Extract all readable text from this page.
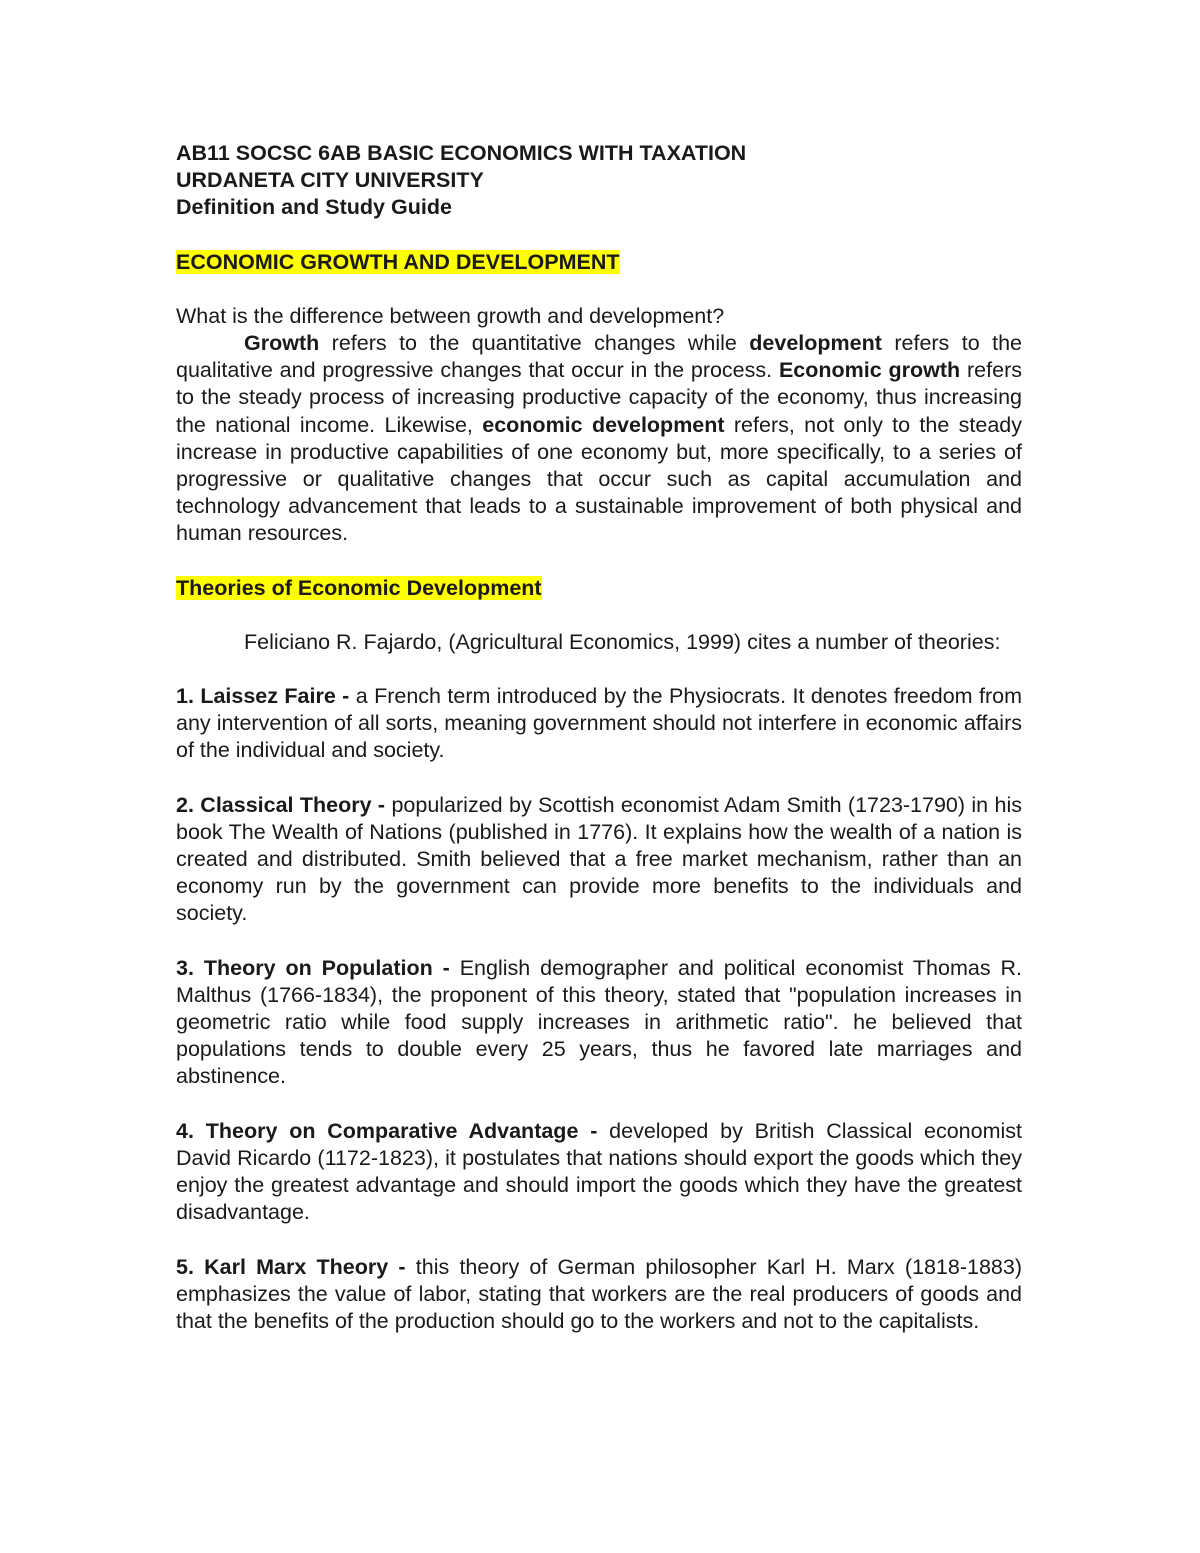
AB11 SOCSC 6AB BASIC ECONOMICS WITH TAXATION

URDANETA CITY UNIVERSITY

Definition and Study Guide

ECONOMIC GROWTH AND DEVELOPMENT

What is the difference between growth and development?

Growth refers to the quantitative changes while development refers to the qualitative and progressive changes that occur in the process. Economic growth refers to the steady process of increasing productive capacity of the economy, thus increasing the national income. Likewise, economic development refers, not only to the steady increase in productive capabilities of one economy but, more specifically, to a series of progressive or qualitative changes that occur such as capital accumulation and technology advancement that leads to a sustainable improvement of both physical and human resources.

Theories of Economic Development

Feliciano R. Fajardo, (Agricultural Economics, 1999) cites a number of theories:

1. Laissez Faire - a French term introduced by the Physiocrats. It denotes freedom from any intervention of all sorts, meaning government should not interfere in economic affairs of the individual and society.

2. Classical Theory - popularized by Scottish economist Adam Smith (1723-1790) in his book The Wealth of Nations (published in 1776). It explains how the wealth of a nation is created and distributed. Smith believed that a free market mechanism, rather than an economy run by the government can provide more benefits to the individuals and society.

3. Theory on Population - English demographer and political economist Thomas R. Malthus (1766-1834), the proponent of this theory, stated that "population increases in geometric ratio while food supply increases in arithmetic ratio". he believed that populations tends to double every 25 years, thus he favored late marriages and abstinence.

4. Theory on Comparative Advantage - developed by British Classical economist David Ricardo (1172-1823), it postulates that nations should export the goods which they enjoy the greatest advantage and should import the goods which they have the greatest disadvantage.

5. Karl Marx Theory - this theory of German philosopher Karl H. Marx (1818-1883) emphasizes the value of labor, stating that workers are the real producers of goods and that the benefits of the production should go to the workers and not to the capitalists.
